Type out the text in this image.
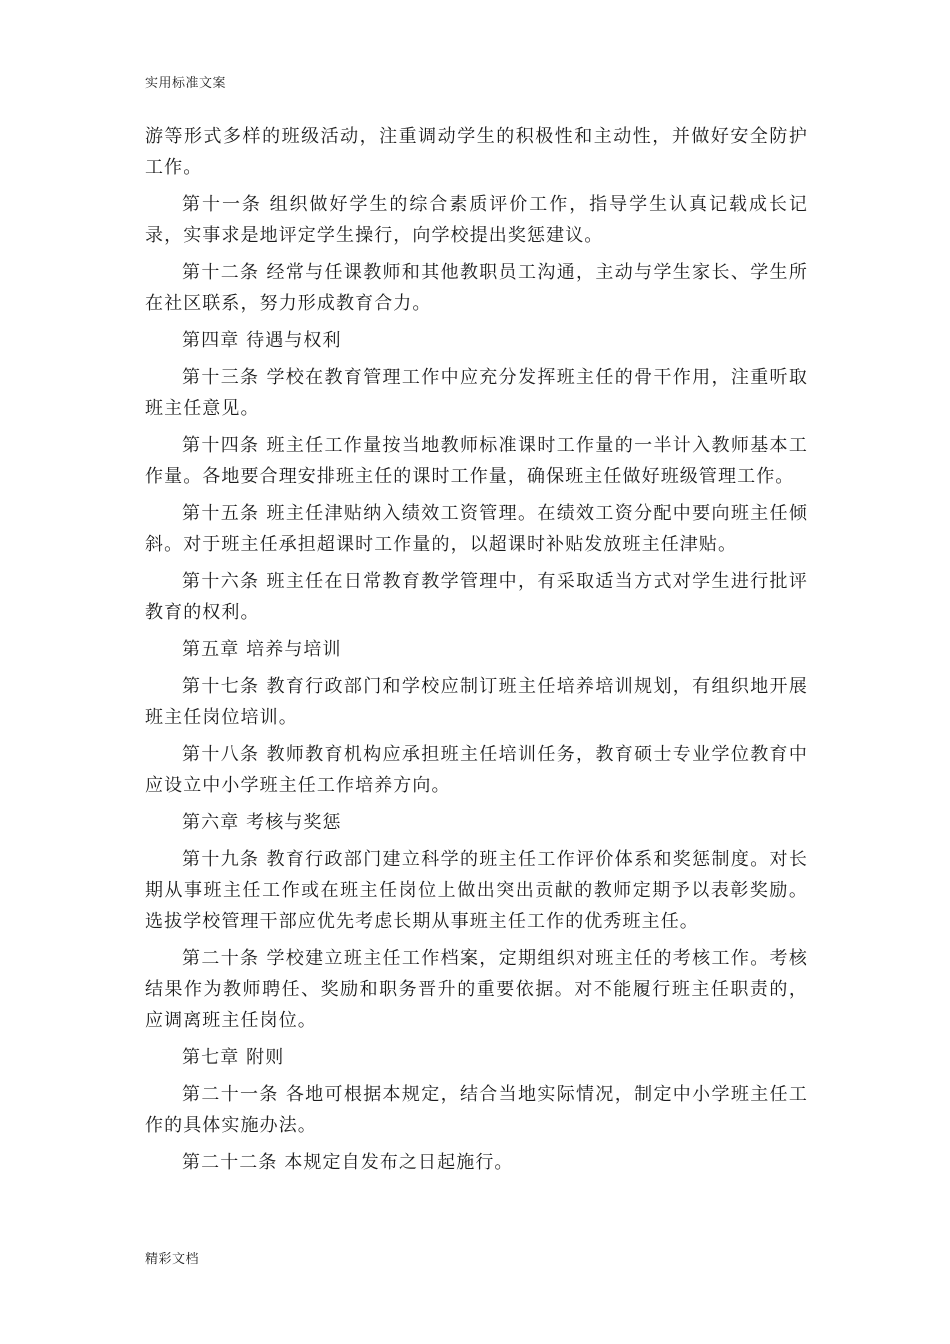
实用标准文案

游等形式多样的班级活动，注重调动学生的积极性和主动性，并做好安全防护工作。

第十一条 组织做好学生的综合素质评价工作，指导学生认真记载成长记录，实事求是地评定学生操行，向学校提出奖惩建议。

第十二条 经常与任课教师和其他教职员工沟通，主动与学生家长、学生所在社区联系，努力形成教育合力。

第四章 待遇与权利

第十三条 学校在教育管理工作中应充分发挥班主任的骨干作用，注重听取班主任意见。

第十四条 班主任工作量按当地教师标准课时工作量的一半计入教师基本工作量。各地要合理安排班主任的课时工作量，确保班主任做好班级管理工作。

第十五条 班主任津贴纳入绩效工资管理。在绩效工资分配中要向班主任倾斜。对于班主任承担超课时工作量的，以超课时补贴发放班主任津贴。

第十六条 班主任在日常教育教学管理中，有采取适当方式对学生进行批评教育的权利。

第五章 培养与培训

第十七条 教育行政部门和学校应制订班主任培养培训规划，有组织地开展班主任岗位培训。

第十八条 教师教育机构应承担班主任培训任务，教育硕士专业学位教育中应设立中小学班主任工作培养方向。

第六章 考核与奖惩

第十九条 教育行政部门建立科学的班主任工作评价体系和奖惩制度。对长期从事班主任工作或在班主任岗位上做出突出贡献的教师定期予以表彰奖励。选拔学校管理干部应优先考虑长期从事班主任工作的优秀班主任。

第二十条 学校建立班主任工作档案，定期组织对班主任的考核工作。考核结果作为教师聘任、奖励和职务晋升的重要依据。对不能履行班主任职责的，应调离班主任岗位。

第七章 附则

第二十一条 各地可根据本规定，结合当地实际情况，制定中小学班主任工作的具体实施办法。

第二十二条 本规定自发布之日起施行。

精彩文档
